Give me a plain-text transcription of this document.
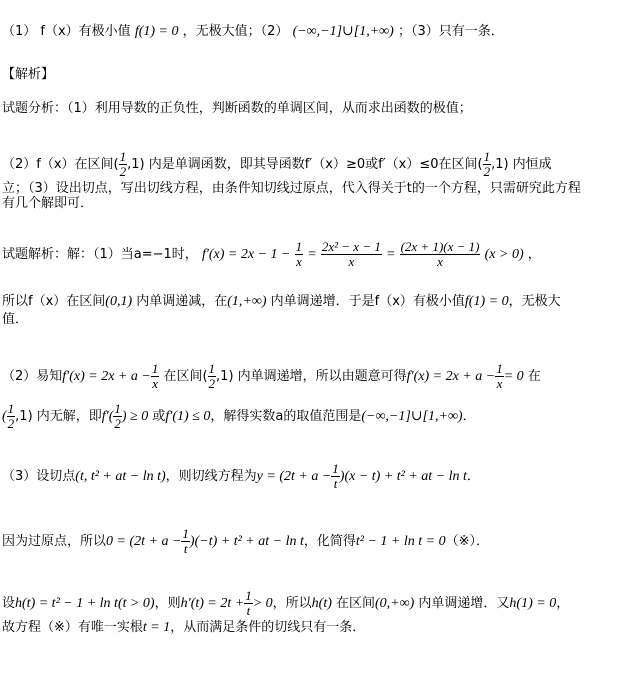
（1） f（x）有极小值 f(1) = 0 ，无极大值；（2） (−∞,−1]∪[1,+∞) ；（3）只有一条．
【解析】
试题分析：（1）利用导数的正负性，判断函数的单调区间，从而求出函数的极值；
（2）f（x）在区间( $\frac{1}{2} ,1$) 内是单调函数，即其导函数f′（x）≥0或f′（x）≤0在区间( $\frac{1}{2} ,1$) 内恒成
立；（3）设出切点，写出切线方程，由条件知切线过原点，代入得关于t的一个方程，只需研究此方程
有几个解即可．
试题解析：解：（1）当a=−1时， $f'(x) = 2x - 1 - \frac{1}{x} = \frac{\text{2x² − x − 1}}{x} = \frac{(2x + 1)(x - 1)}{x} (x > 0)$ ，
所以f（x）在区间(0,1) 内单调递减，在(1,+∞) 内单调递增．于是f（x）有极小值f(1) = 0，无极大
值．
（2）易知$f'(x) = 2x + a - \frac{1}{x}$ 在区间( $\frac{1}{2} ,1$) 内单调递增，所以由题意可得$f'(x) = 2x + a - \frac{1}{x} = 0$ 在
( $\frac{1}{2} ,1$) 内无解，即$f'( \frac{1}{2}$ ) ≥ 0 或f′(1) ≤ 0，解得实数a的取值范围是(−∞,−1]∪[1,+∞)．
（3）设切点(t, t² + at − ln t)，则切线方程为$y = (2t + a - \frac{1}{t} )(x - t) + t^2$ + at − ln t．
因为过原点，所以$0 = (2t + a - \frac{1}{t} )(-t) + t^2$ + at − ln t，化简得t² − 1 + ln t = 0（※）．
设h(t) = t² − 1 + ln t(t > 0)，则$h'(t) = 2t + \frac{1}{t} > 0$，所以h(t) 在区间(0,+∞) 内单调递增．又h(1) = 0，
故方程（※）有唯一实根t = 1，从而满足条件的切线只有一条．
